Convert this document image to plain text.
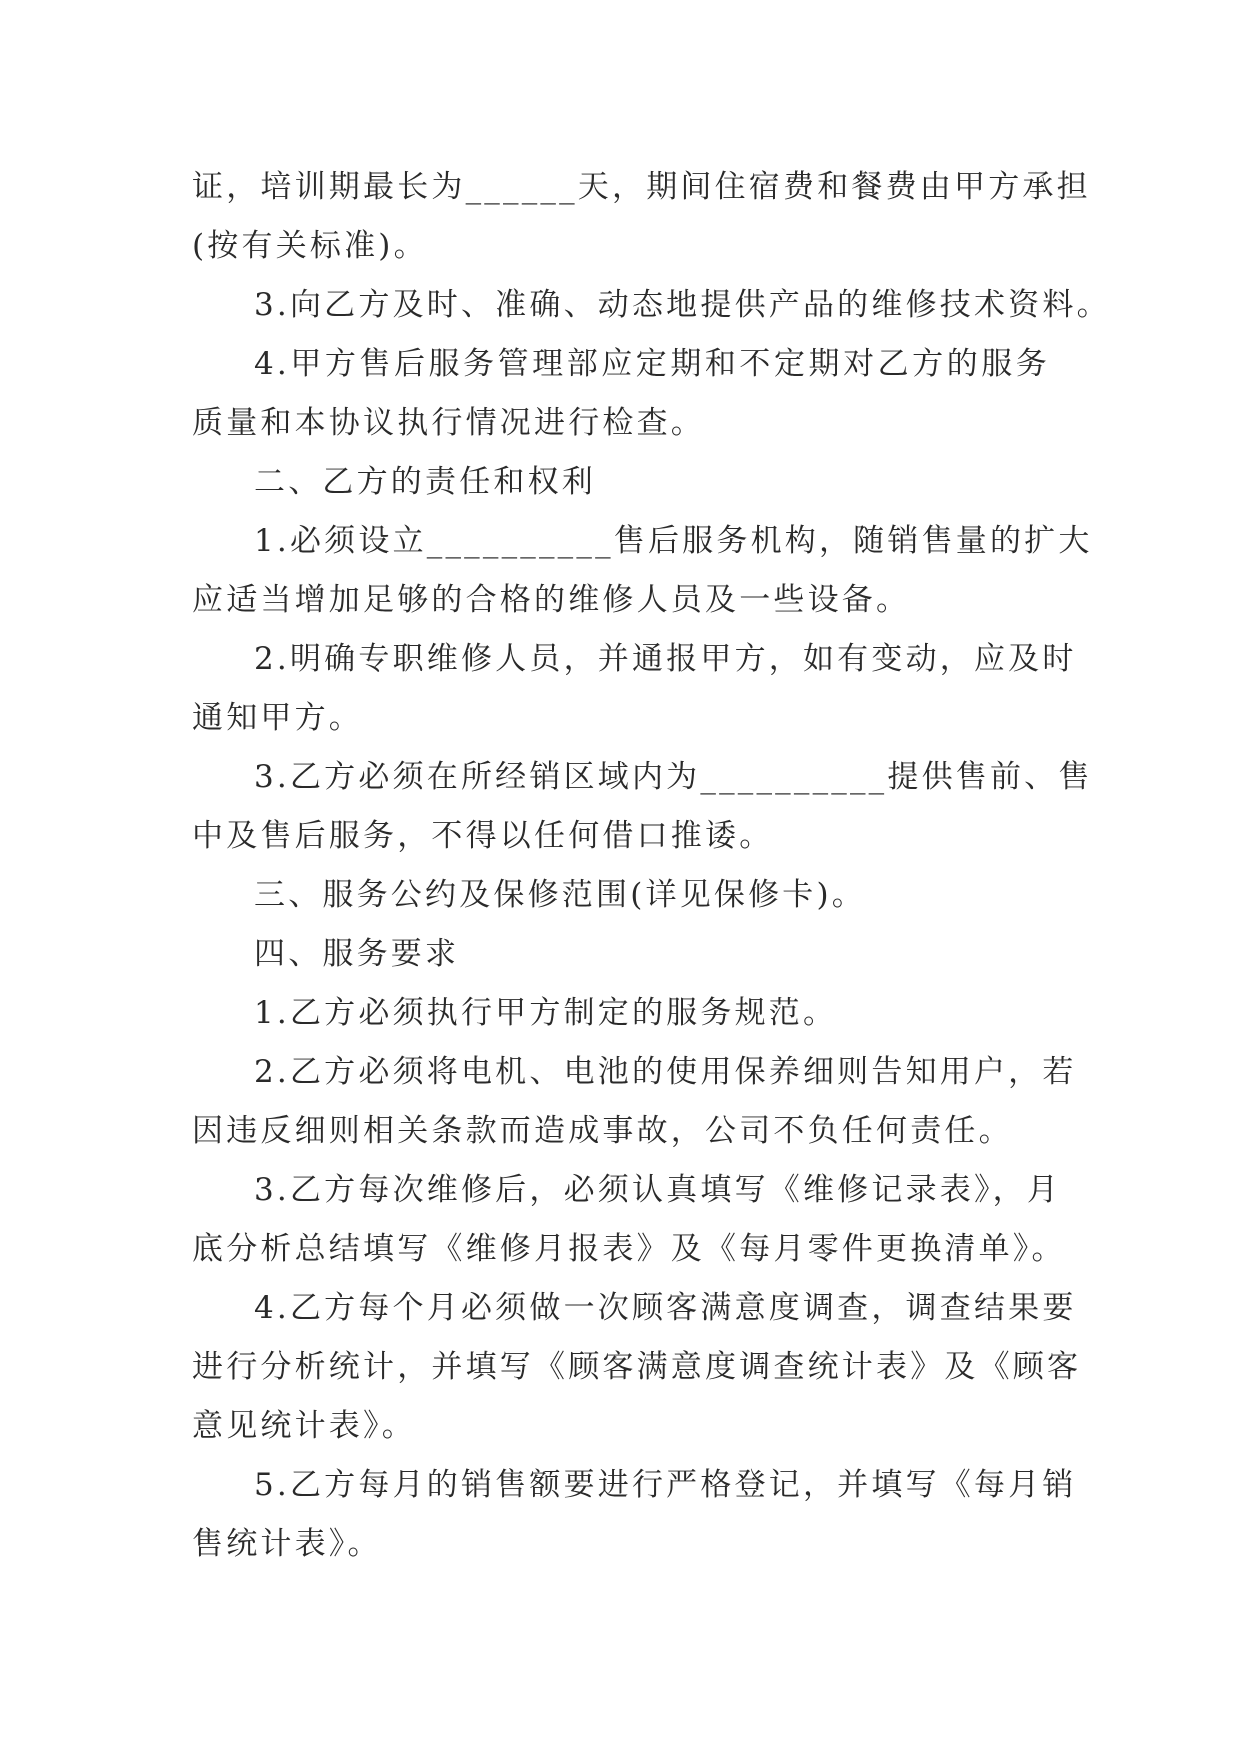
证，培训期最长为______天，期间住宿费和餐费由甲方承担
(按有关标准)。
3.向乙方及时、准确、动态地提供产品的维修技术资料。
4.甲方售后服务管理部应定期和不定期对乙方的服务
质量和本协议执行情况进行检查。
二、乙方的责任和权利
1.必须设立__________售后服务机构，随销售量的扩大
应适当增加足够的合格的维修人员及一些设备。
2.明确专职维修人员，并通报甲方，如有变动，应及时
通知甲方。
3.乙方必须在所经销区域内为__________提供售前、售
中及售后服务，不得以任何借口推诿。
三、服务公约及保修范围(详见保修卡)。
四、服务要求
1.乙方必须执行甲方制定的服务规范。
2.乙方必须将电机、电池的使用保养细则告知用户，若
因违反细则相关条款而造成事故，公司不负任何责任。
3.乙方每次维修后，必须认真填写《维修记录表》，月
底分析总结填写《维修月报表》及《每月零件更换清单》。
4.乙方每个月必须做一次顾客满意度调查，调查结果要
进行分析统计，并填写《顾客满意度调查统计表》及《顾客
意见统计表》。
5.乙方每月的销售额要进行严格登记，并填写《每月销
售统计表》。
